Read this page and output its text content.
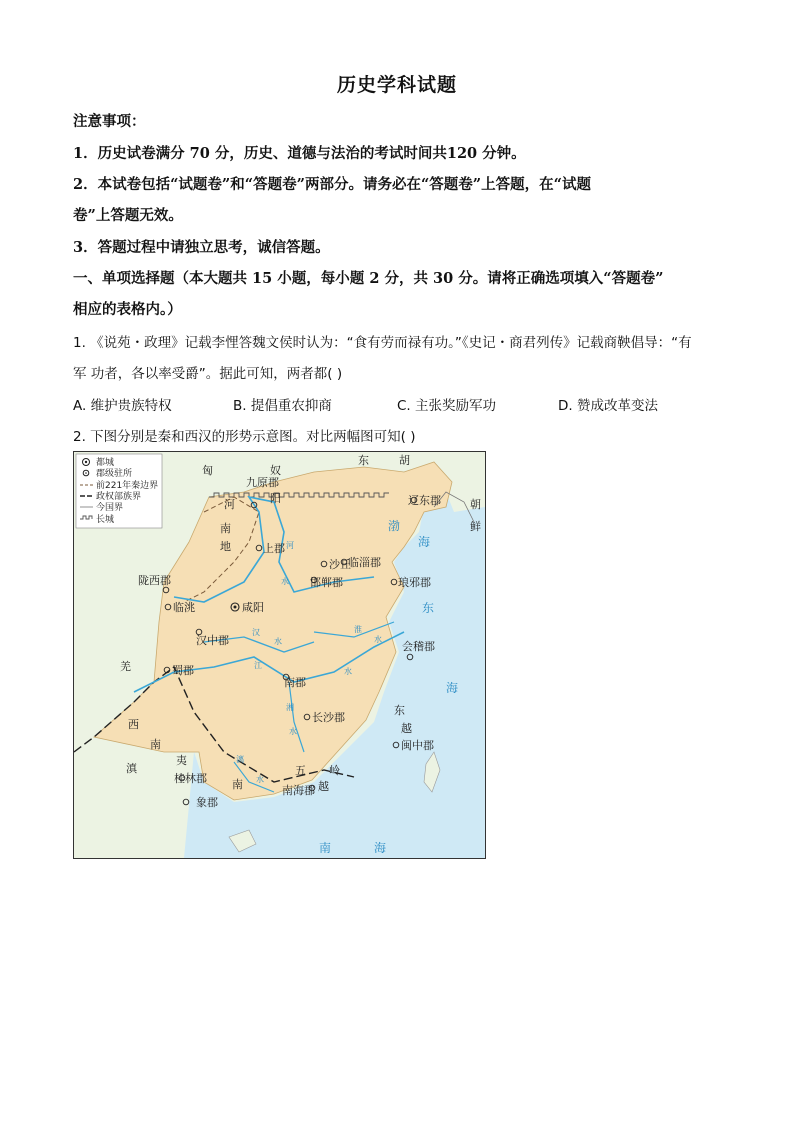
历史学科试题
注意事项：
1．历史试卷满分 70 分，历史、道德与法治的考试时间共120 分钟。
2．本试卷包括“试题卷”和“答题卷”两部分。请务必在“答题卷”上答题，在“试题
卷”上答题无效。
3．答题过程中请独立思考，诚信答题。
一、单项选择题（本大题共 15 小题，每小题 2 分，共 30 分。请将正确选项填入“答题卷”
相应的表格内。）
1. 《说苑・政理》记载李悝答魏文侯时认为：“食有劳而禄有功。”《史记・商君列传》记载商鞅倡导：“有
军 功者，各以率受爵”。据此可知，两者都( )
A. 维护贵族特权	B. 提倡重农抑商	C. 主张奖励军功	D. 赞成改革变法
2. 下图分别是秦和西汉的形势示意图。对比两幅图可知( )
都城
郡级驻所
前221年秦边界
政权部族界
今国界
长城
匈	奴
东	胡
朝
鲜
河
南
地
羌
西
南
夷
滇
南
五 岭
越
越
东
咸阳
九原郡
上郡
辽东郡
沙丘
临淄郡
邯郸郡	琅邪郡
陇西郡
临洮
汉中郡
蜀郡
会稽郡
南郡
长沙郡
闽中郡
桂林郡
南海郡
象郡
阳
渤
海
东
海
南	海
河
水
汉
水
淮
水
江
水
湘
水
漓
水
